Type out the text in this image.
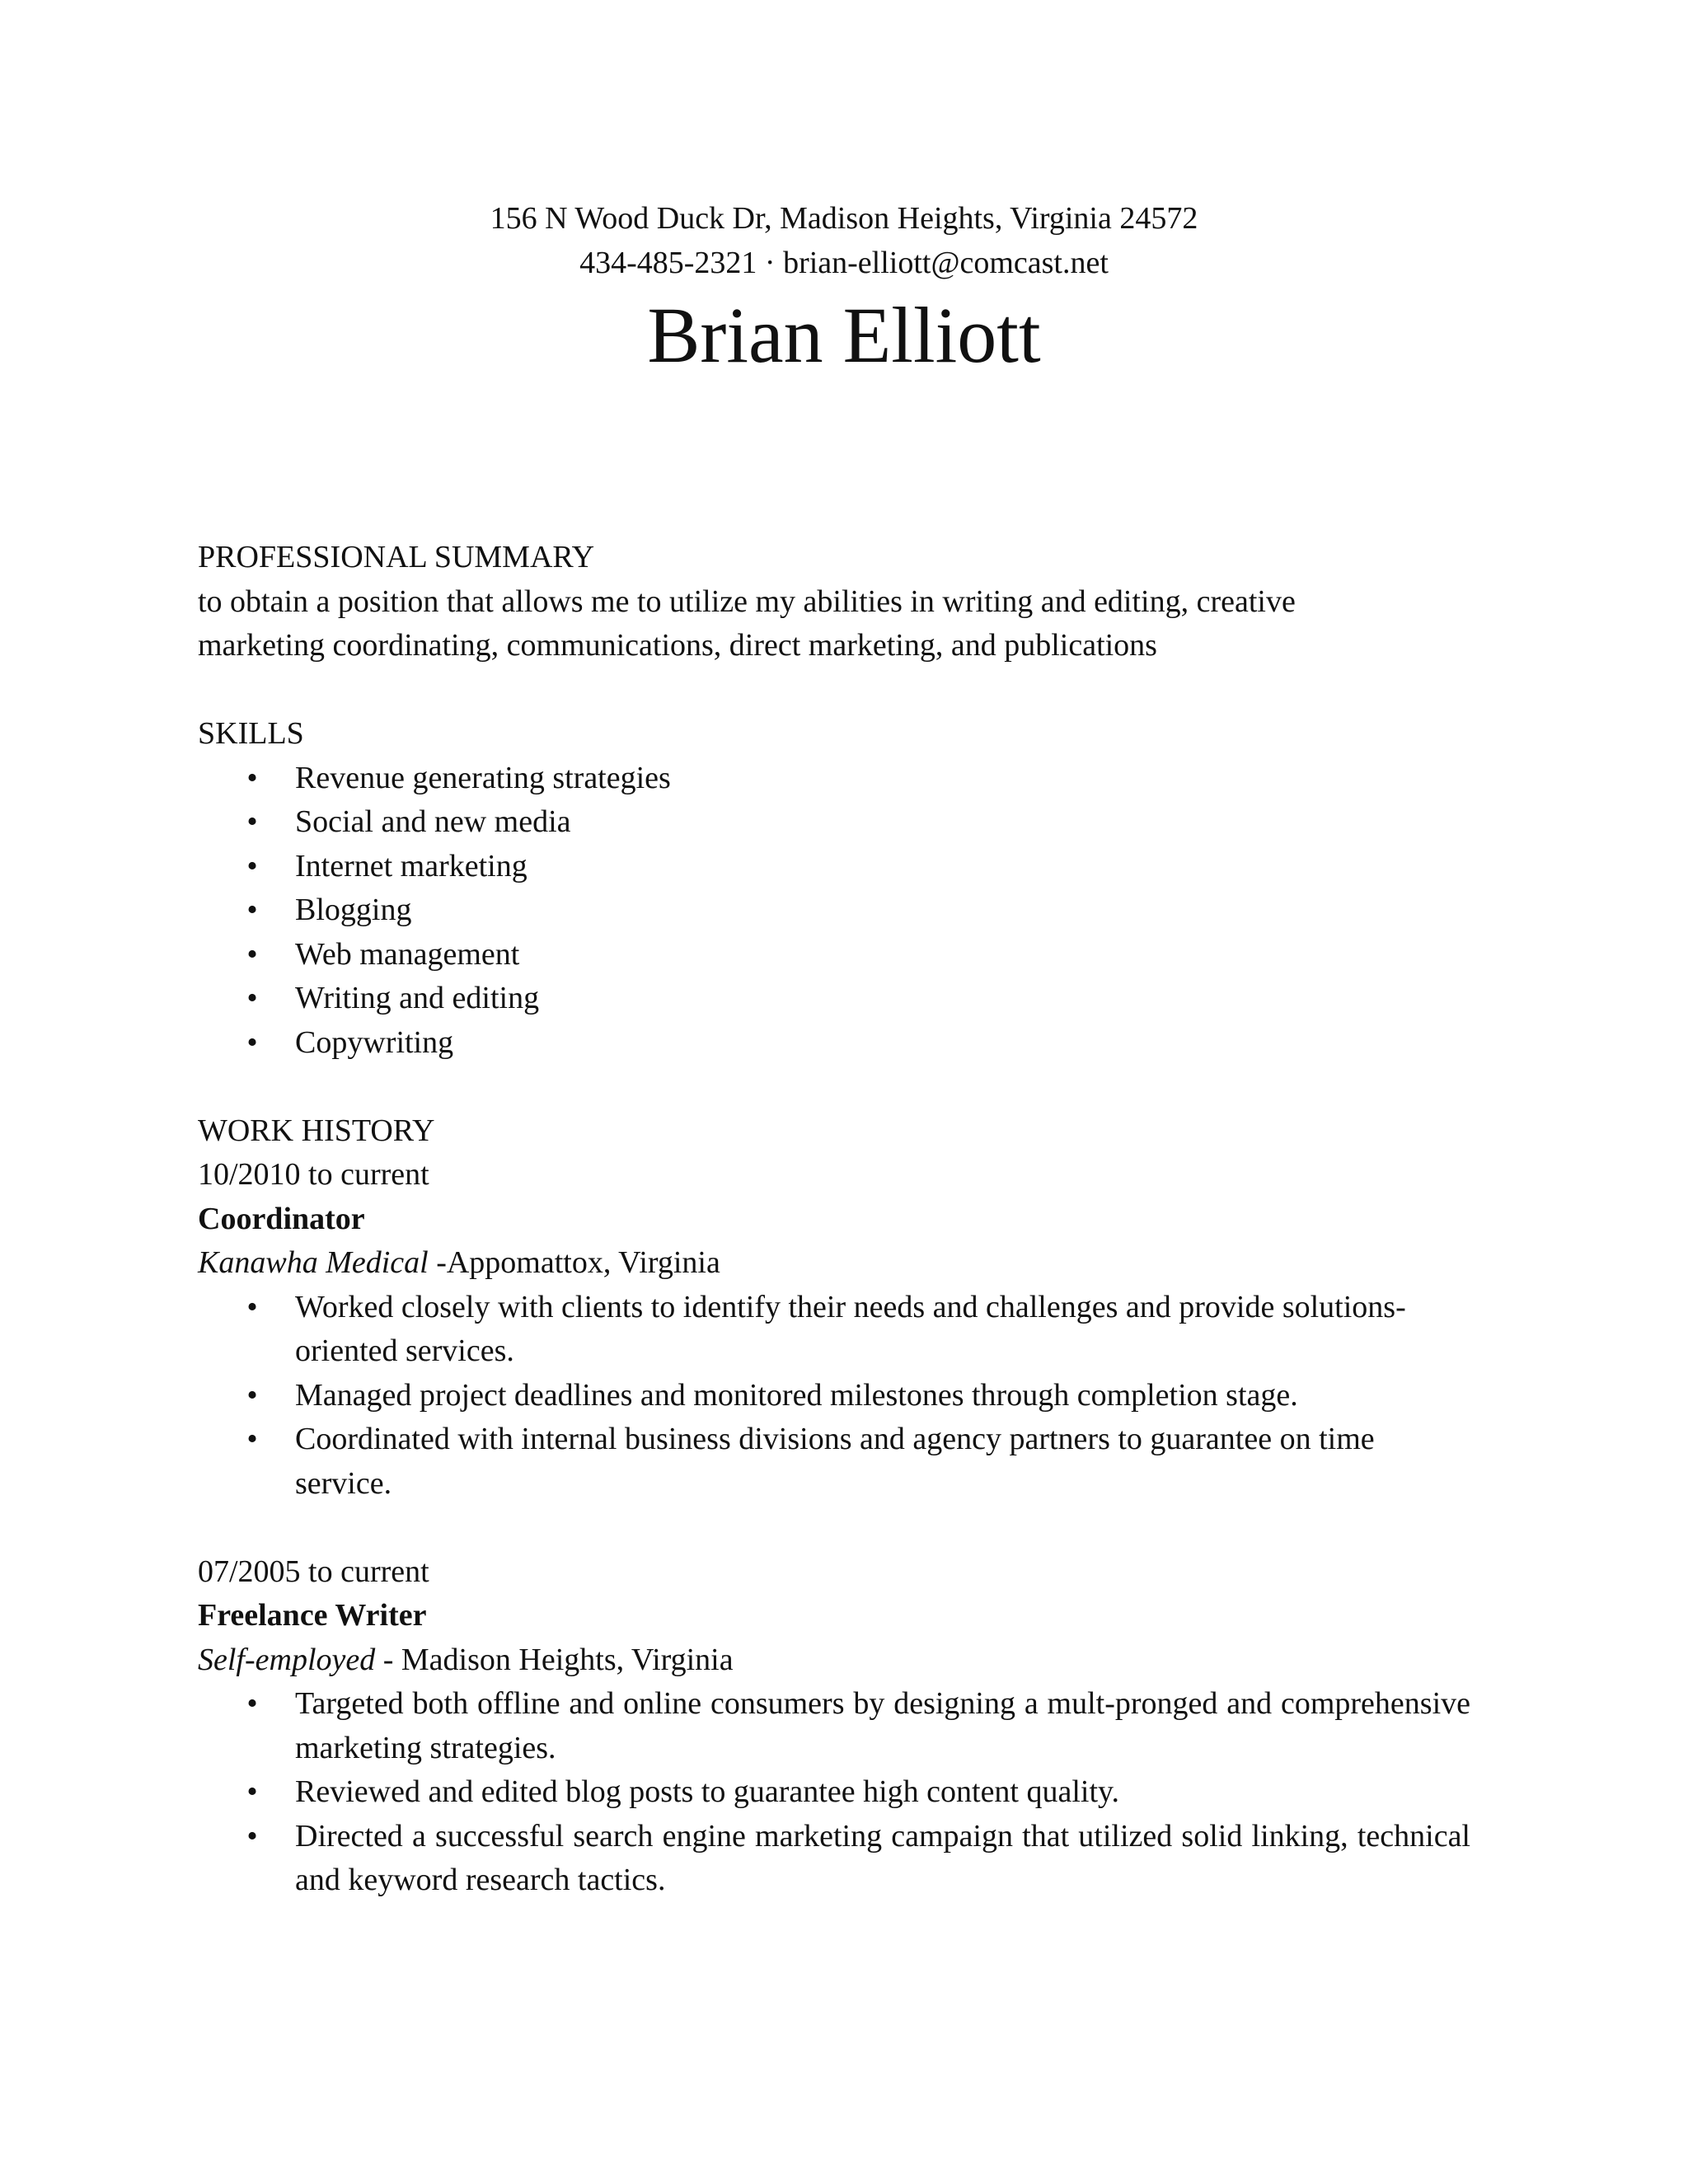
156 N Wood Duck Dr, Madison Heights, Virginia 24572
434-485-2321 · brian-elliott@comcast.net
Brian Elliott
PROFESSIONAL SUMMARY

to obtain a position that allows me to utilize my abilities in writing and editing, creative

marketing coordinating, communications, direct marketing, and publications

SKILLS
• Revenue generating strategies
• Social and new media
• Internet marketing
• Blogging
• Web management
• Writing and editing
• Copywriting
WORK HISTORY

10/2010 to current

Coordinator

Kanawha Medical -Appomattox, Virginia

• Worked closely with clients to identify their needs and challenges and provide solutions-oriented services.
• Managed project deadlines and monitored milestones through completion stage.
• Coordinated with internal business divisions and agency partners to guarantee on time service.

07/2005 to current

Freelance Writer

Self-employed - Madison Heights, Virginia

• Targeted both offline and online consumers by designing a mult-pronged and comprehensive marketing strategies.
• Reviewed and edited blog posts to guarantee high content quality.
• Directed a successful search engine marketing campaign that utilized solid linking, technical and keyword research tactics.
